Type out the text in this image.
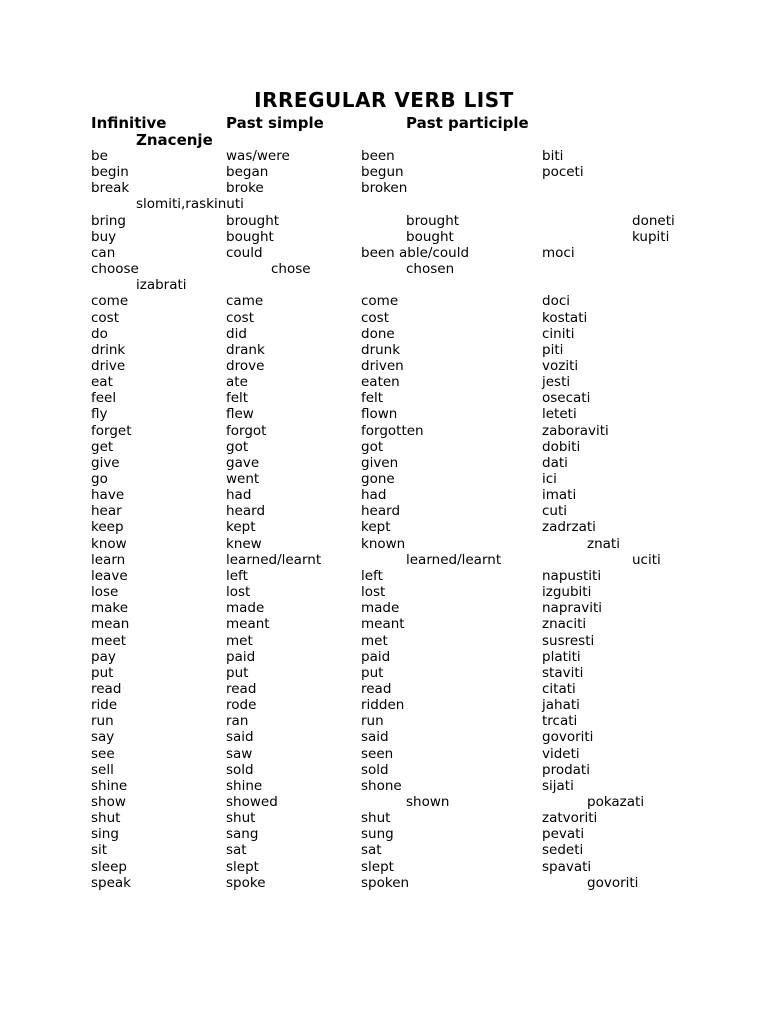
IRREGULAR VERB LIST
Infinitive	Past simple	Past participle
Znacenje
be	was/were	been	biti
begin	began	begun	poceti
break	broke	broken
slomiti,raskinuti
bring	brought	brought	doneti
buy	bought	bought	kupiti
can	could	been able/could	moci
choose	chose	chosen
izabrati
come	came	come	doci
cost	cost	cost	kostati
do	did	done	ciniti
drink	drank	drunk	piti
drive	drove	driven	voziti
eat	ate	eaten	jesti
feel	felt	felt	osecati
fly	flew	flown	leteti
forget	forgot	forgotten	zaboraviti
get	got	got	dobiti
give	gave	given	dati
go	went	gone	ici
have	had	had	imati
hear	heard	heard	cuti
keep	kept	kept	zadrzati
know	knew	known	znati
learn	learned/learnt	learned/learnt	uciti
leave	left	left	napustiti
lose	lost	lost	izgubiti
make	made	made	napraviti
mean	meant	meant	znaciti
meet	met	met	susresti
pay	paid	paid	platiti
put	put	put	staviti
read	read	read	citati
ride	rode	ridden	jahati
run	ran	run	trcati
say	said	said	govoriti
see	saw	seen	videti
sell	sold	sold	prodati
shine	shine	shone	sijati
show	showed	shown	pokazati
shut	shut	shut	zatvoriti
sing	sang	sung	pevati
sit	sat	sat	sedeti
sleep	slept	slept	spavati
speak	spoke	spoken	govoriti
